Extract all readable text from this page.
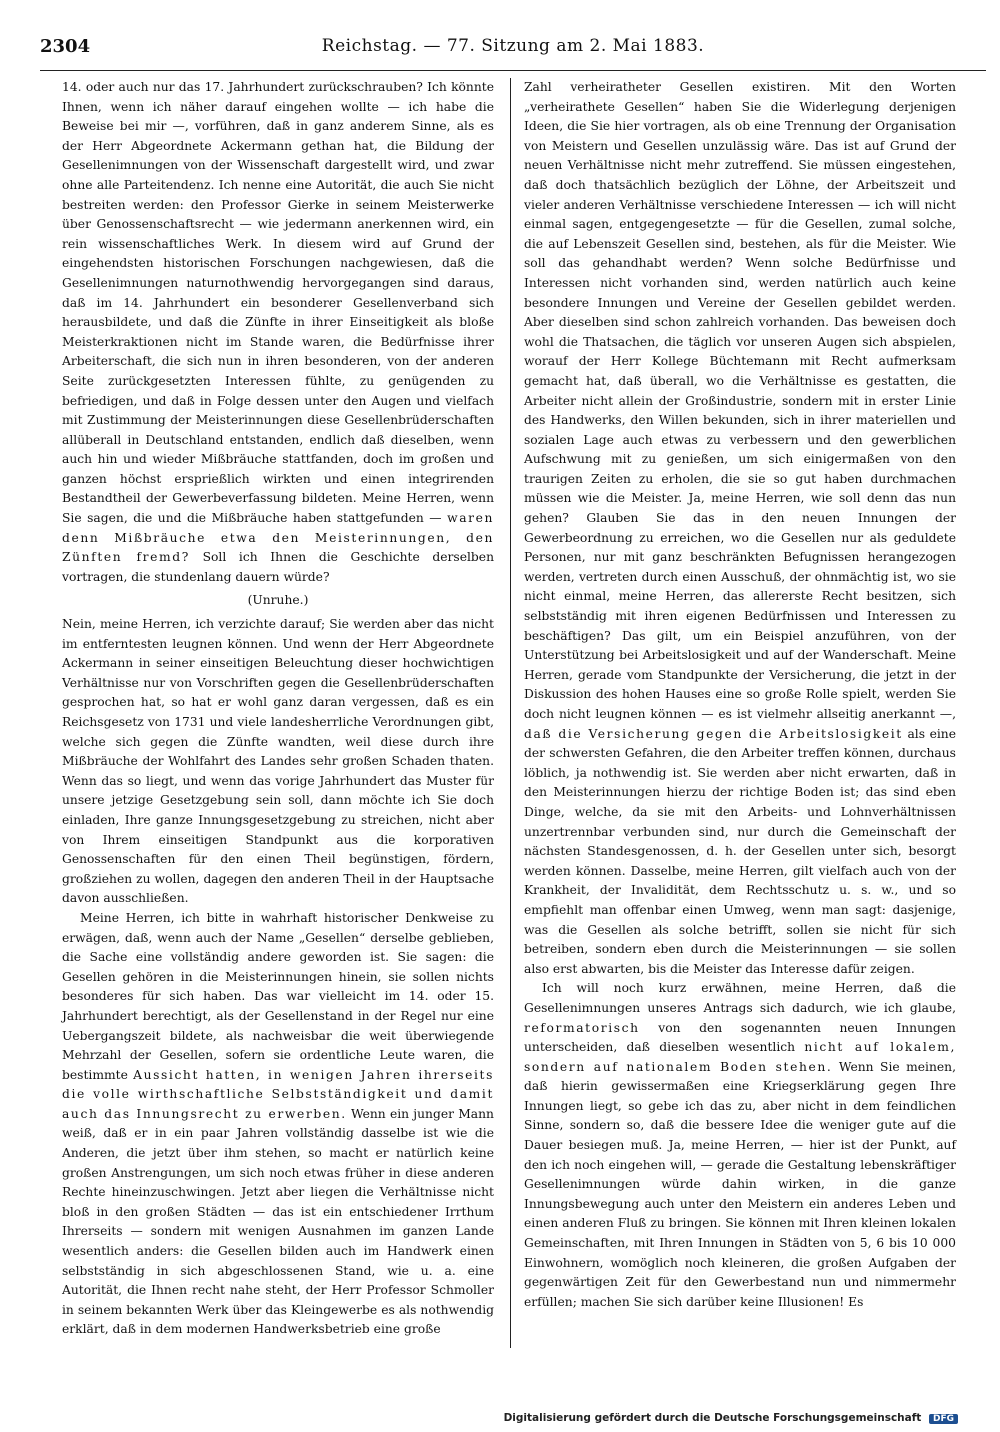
2304	Reichstag. — 77. Sitzung am 2. Mai 1883.

14. oder auch nur das 17. Jahrhundert zurückschrauben? Ich könnte Ihnen, wenn ich näher darauf eingehen wollte — ich habe die Beweise bei mir —, vorführen, daß in ganz anderem Sinne, als es der Herr Abgeordnete Ackermann gethan hat, die Bildung der Gesellenimnungen von der Wissenschaft dargestellt wird, und zwar ohne alle Parteitendenz. Ich nenne eine Autorität, die auch Sie nicht bestreiten werden: den Professor Gierke in seinem Meisterwerke über Genossenschaftsrecht — wie jedermann anerkennen wird, ein rein wissenschaftliches Werk. In diesem wird auf Grund der eingehendsten historischen Forschungen nachgewiesen, daß die Gesellenimnungen naturnothwendig hervorgegangen sind daraus, daß im 14. Jahrhundert ein besonderer Gesellenverband sich herausbildete, und daß die Zünfte in ihrer Einseitigkeit als bloße Meisterkraktionen nicht im Stande waren, die Bedürfnisse ihrer Arbeiterschaft, die sich nun in ihren besonderen, von der anderen Seite zurückgesetzten Interessen fühlte, zu genügenden zu befriedigen, und daß in Folge dessen unter den Augen und vielfach mit Zustimmung der Meisterinnungen diese Gesellenbrüderschaften allüberall in Deutschland entstanden, endlich daß dieselben, wenn auch hin und wieder Mißbräuche stattfanden, doch im großen und ganzen höchst ersprießlich wirkten und einen integrirenden Bestandtheil der Gewerbeverfassung bildeten. Meine Herren, wenn Sie sagen, die und die Mißbräuche haben stattgefunden — waren denn Mißbräuche etwa den Meisterinnungen, den Zünften fremd? Soll ich Ihnen die Geschichte derselben vortragen, die stundenlang dauern würde?

(Unruhe.)

Nein, meine Herren, ich verzichte darauf; Sie werden aber das nicht im entferntesten leugnen können. Und wenn der Herr Abgeordnete Ackermann in seiner einseitigen Beleuchtung dieser hochwichtigen Verhältnisse nur von Vorschriften gegen die Gesellenbrüderschaften gesprochen hat, so hat er wohl ganz daran vergessen, daß es ein Reichsgesetz von 1731 und viele landesherrliche Verordnungen gibt, welche sich gegen die Zünfte wandten, weil diese durch ihre Mißbräuche der Wohlfahrt des Landes sehr großen Schaden thaten. Wenn das so liegt, und wenn das vorige Jahrhundert das Muster für unsere jetzige Gesetzgebung sein soll, dann möchte ich Sie doch einladen, Ihre ganze Innungsgesetzgebung zu streichen, nicht aber von Ihrem einseitigen Standpunkt aus die korporativen Genossenschaften für den einen Theil begünstigen, fördern, großziehen zu wollen, dagegen den anderen Theil in der Hauptsache davon ausschließen.

Meine Herren, ich bitte in wahrhaft historischer Denkweise zu erwägen, daß, wenn auch der Name „Gesellen“ derselbe geblieben, die Sache eine vollständig andere geworden ist. Sie sagen: die Gesellen gehören in die Meisterinnungen hinein, sie sollen nichts besonderes für sich haben. Das war vielleicht im 14. oder 15. Jahrhundert berechtigt, als der Gesellenstand in der Regel nur eine Uebergangszeit bildete, als nachweisbar die weit überwiegende Mehrzahl der Gesellen, sofern sie ordentliche Leute waren, die bestimmte Aussicht hatten, in wenigen Jahren ihrerseits die volle wirthschaftliche Selbstständigkeit und damit auch das Innungsrecht zu erwerben. Wenn ein junger Mann weiß, daß er in ein paar Jahren vollständig dasselbe ist wie die Anderen, die jetzt über ihm stehen, so macht er natürlich keine großen Anstrengungen, um sich noch etwas früher in diese anderen Rechte hineinzuschwingen. Jetzt aber liegen die Verhältnisse nicht bloß in den großen Städten — das ist ein entschiedener Irrthum Ihrerseits — sondern mit wenigen Ausnahmen im ganzen Lande wesentlich anders: die Gesellen bilden auch im Handwerk einen selbstständig in sich abgeschlossenen Stand, wie u. a. eine Autorität, die Ihnen recht nahe steht, der Herr Professor Schmoller in seinem bekannten Werk über das Kleingewerbe es als nothwendig erklärt, daß in dem modernen Handwerksbetrieb eine große

Zahl verheiratheter Gesellen existiren. Mit den Worten „verheirathete Gesellen“ haben Sie die Widerlegung derjenigen Ideen, die Sie hier vortragen, als ob eine Trennung der Organisation von Meistern und Gesellen unzulässig wäre. Das ist auf Grund der neuen Verhältnisse nicht mehr zutreffend. Sie müssen eingestehen, daß doch thatsächlich bezüglich der Löhne, der Arbeitszeit und vieler anderen Verhältnisse verschiedene Interessen — ich will nicht einmal sagen, entgegengesetzte — für die Gesellen, zumal solche, die auf Lebenszeit Gesellen sind, bestehen, als für die Meister. Wie soll das gehandhabt werden? Wenn solche Bedürfnisse und Interessen nicht vorhanden sind, werden natürlich auch keine besondere Innungen und Vereine der Gesellen gebildet werden. Aber dieselben sind schon zahlreich vorhanden. Das beweisen doch wohl die Thatsachen, die täglich vor unseren Augen sich abspielen, worauf der Herr Kollege Büchtemann mit Recht aufmerksam gemacht hat, daß überall, wo die Verhältnisse es gestatten, die Arbeiter nicht allein der Großindustrie, sondern mit in erster Linie des Handwerks, den Willen bekunden, sich in ihrer materiellen und sozialen Lage auch etwas zu verbessern und den gewerblichen Aufschwung mit zu genießen, um sich einigermaßen von den traurigen Zeiten zu erholen, die sie so gut haben durchmachen müssen wie die Meister. Ja, meine Herren, wie soll denn das nun gehen? Glauben Sie das in den neuen Innungen der Gewerbeordnung zu erreichen, wo die Gesellen nur als geduldete Personen, nur mit ganz beschränkten Befugnissen herangezogen werden, vertreten durch einen Ausschuß, der ohnmächtig ist, wo sie nicht einmal, meine Herren, das allererste Recht besitzen, sich selbstständig mit ihren eigenen Bedürfnissen und Interessen zu beschäftigen? Das gilt, um ein Beispiel anzuführen, von der Unterstützung bei Arbeitslosigkeit und auf der Wanderschaft. Meine Herren, gerade vom Standpunkte der Versicherung, die jetzt in der Diskussion des hohen Hauses eine so große Rolle spielt, werden Sie doch nicht leugnen können — es ist vielmehr allseitig anerkannt —, daß die Versicherung gegen die Arbeitslosigkeit als eine der schwersten Gefahren, die den Arbeiter treffen können, durchaus löblich, ja nothwendig ist. Sie werden aber nicht erwarten, daß in den Meisterinnungen hierzu der richtige Boden ist; das sind eben Dinge, welche, da sie mit den Arbeits- und Lohnverhältnissen unzertrennbar verbunden sind, nur durch die Gemeinschaft der nächsten Standesgenossen, d. h. der Gesellen unter sich, besorgt werden können. Dasselbe, meine Herren, gilt vielfach auch von der Krankheit, der Invalidität, dem Rechtsschutz u. s. w., und so empfiehlt man offenbar einen Umweg, wenn man sagt: dasjenige, was die Gesellen als solche betrifft, sollen sie nicht für sich betreiben, sondern eben durch die Meisterinnungen — sie sollen also erst abwarten, bis die Meister das Interesse dafür zeigen.

Ich will noch kurz erwähnen, meine Herren, daß die Gesellenimnungen unseres Antrags sich dadurch, wie ich glaube, reformatorisch von den sogenannten neuen Innungen unterscheiden, daß dieselben wesentlich nicht auf lokalem, sondern auf nationalem Boden stehen. Wenn Sie meinen, daß hierin gewissermaßen eine Kriegserklärung gegen Ihre Innungen liegt, so gebe ich das zu, aber nicht in dem feindlichen Sinne, sondern so, daß die bessere Idee die weniger gute auf die Dauer besiegen muß. Ja, meine Herren, — hier ist der Punkt, auf den ich noch eingehen will, — gerade die Gestaltung lebenskräftiger Gesellenimnungen würde dahin wirken, in die ganze Innungsbewegung auch unter den Meistern ein anderes Leben und einen anderen Fluß zu bringen. Sie können mit Ihren kleinen lokalen Gemeinschaften, mit Ihren Innungen in Städten von 5, 6 bis 10 000 Einwohnern, womöglich noch kleineren, die großen Aufgaben der gegenwärtigen Zeit für den Gewerbestand nun und nimmermehr erfüllen; machen Sie sich darüber keine Illusionen! Es

Digitalisierung gefördert durch die Deutsche Forschungsgemeinschaft DFG
